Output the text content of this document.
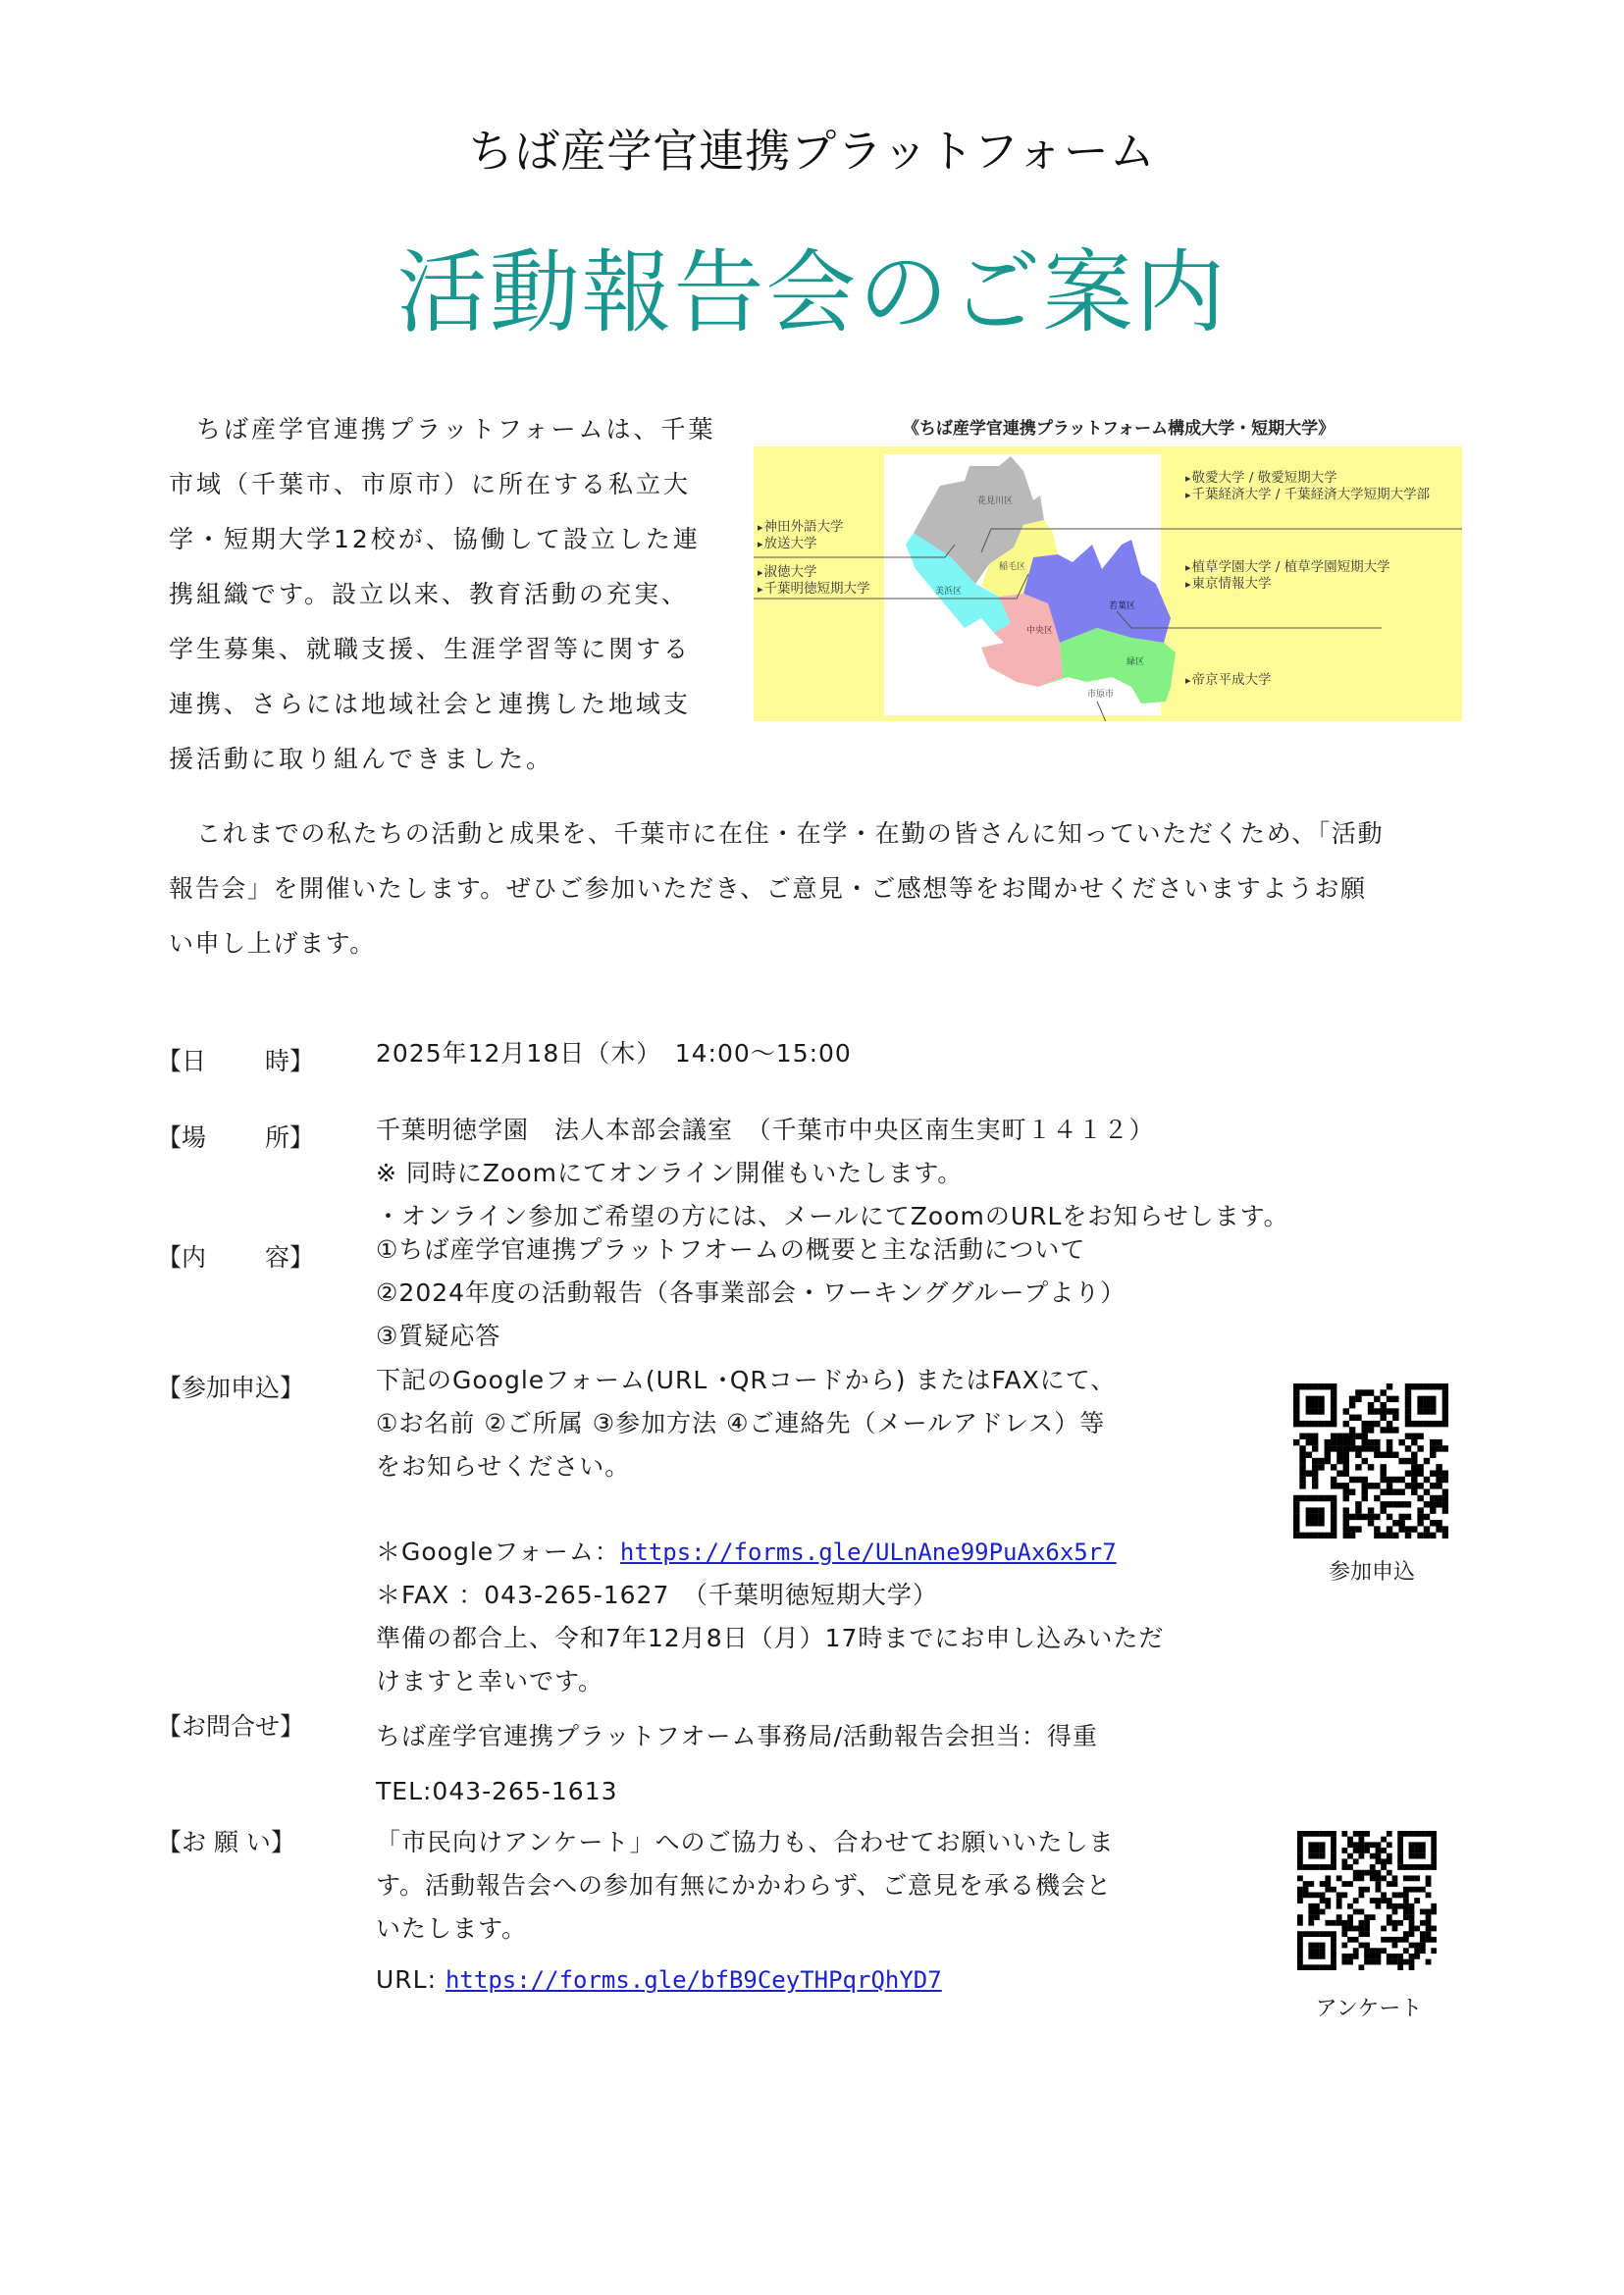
ちば産学官連携プラットフォーム
活動報告会のご案内
ちば産学官連携プラットフォームは、千葉
市域（千葉市、市原市）に所在する私立大
学・短期大学12校が、協働して設立した連
携組織です。設立以来、教育活動の充実、
学生募集、就職支援、生涯学習等に関する
連携、さらには地域社会と連携した地域支
援活動に取り組んできました。
《ちば産学官連携プラットフォーム構成大学・短期大学》
花見川区
稲毛区
美浜区
中央区
若葉区
緑区
市原市
▸ 敬愛大学 / 敬愛短期大学
▸ 千葉経済大学 / 千葉経済大学短期大学部
▸ 神田外語大学
▸ 放送大学
▸ 淑徳大学
▸ 千葉明徳短期大学
▸ 植草学園大学 / 植草学園短期大学
▸ 東京情報大学
▸ 帝京平成大学
これまでの私たちの活動と成果を、千葉市に在住・在学・在勤の皆さんに知っていただくため、「活動
報告会」を開催いたします。ぜひご参加いただき、ご意見・ご感想等をお聞かせくださいますようお願
い申し上げます。
【日 時】	2025年12月18日（木）　14:00～15:00
【場 所】	千葉明徳学園　法人本部会議室　（千葉市中央区南生実町１４１２）
※ 同時にZoomにてオンライン開催もいたします。
・オンライン参加ご希望の方には、メールにてZoomのURLをお知らせします。
【内 容】	①ちば産学官連携プラットフオームの概要と主な活動について
②2024年度の活動報告（各事業部会・ワーキンググループより）
③質疑応答
【参加申込】	下記のGoogleフォーム(URL ･QRコードから) またはFAXにて、
①お名前 ②ご所属 ③参加方法 ④ご連絡先（メールアドレス）等
をお知らせください。
＊Googleフォーム：https://forms.gle/ULnAne99PuAx6x5r7
＊FAX ：043-265-1627　（千葉明徳短期大学）
準備の都合上、令和7年12月8日（月）17時までにお申し込みいただ
けますと幸いです。
参加申込
【お問合せ】	ちば産学官連携プラットフオーム事務局/活動報告会担当：得重
TEL:043-265-1613
【お 願 い】	「市民向けアンケート」へのご協力も、合わせてお願いいたしま
す。活動報告会への参加有無にかかわらず、ご意見を承る機会と
いたします。
URL: https://forms.gle/bfB9CeyTHPqrQhYD7
アンケート
